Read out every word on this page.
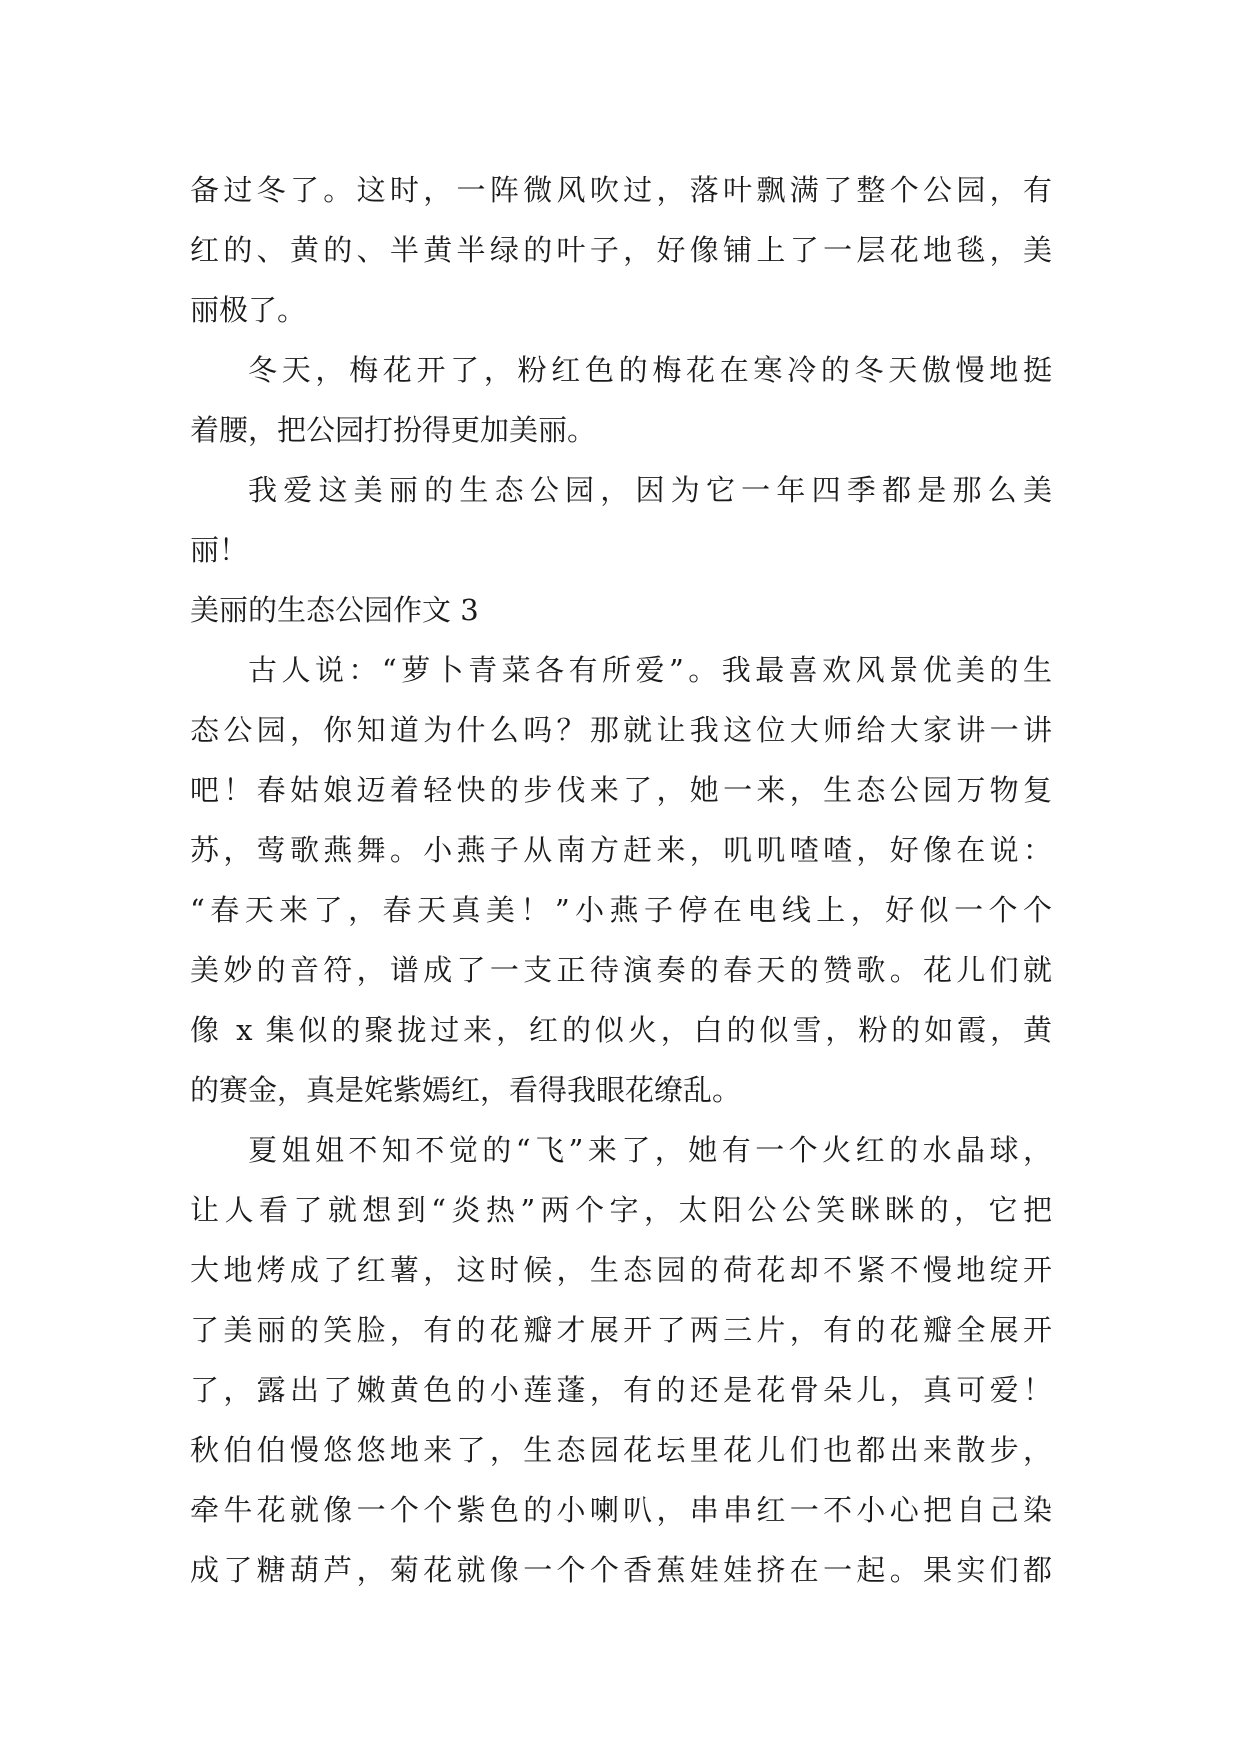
备过冬了。这时，一阵微风吹过，落叶飘满了整个公园，有
红的、黄的、半黄半绿的叶子，好像铺上了一层花地毯，美
丽极了。
冬天，梅花开了，粉红色的梅花在寒冷的冬天傲慢地挺
着腰，把公园打扮得更加美丽。
我爱这美丽的生态公园，因为它一年四季都是那么美
丽！
美丽的生态公园作文 3
古人说：“萝卜青菜各有所爱”。我最喜欢风景优美的生
态公园，你知道为什么吗？那就让我这位大师给大家讲一讲
吧！春姑娘迈着轻快的步伐来了，她一来，生态公园万物复
苏，莺歌燕舞。小燕子从南方赶来，叽叽喳喳，好像在说：
“春天来了，春天真美！”小燕子停在电线上，好似一个个
美妙的音符，谱成了一支正待演奏的春天的赞歌。花儿们就
像 x 集似的聚拢过来，红的似火，白的似雪，粉的如霞，黄
的赛金，真是姹紫嫣红，看得我眼花缭乱。
夏姐姐不知不觉的“飞”来了，她有一个火红的水晶球，
让人看了就想到“炎热”两个字，太阳公公笑眯眯的，它把
大地烤成了红薯，这时候，生态园的荷花却不紧不慢地绽开
了美丽的笑脸，有的花瓣才展开了两三片，有的花瓣全展开
了，露出了嫩黄色的小莲蓬，有的还是花骨朵儿，真可爱！
秋伯伯慢悠悠地来了，生态园花坛里花儿们也都出来散步，
牵牛花就像一个个紫色的小喇叭，串串红一不小心把自己染
成了糖葫芦，菊花就像一个个香蕉娃娃挤在一起。果实们都
